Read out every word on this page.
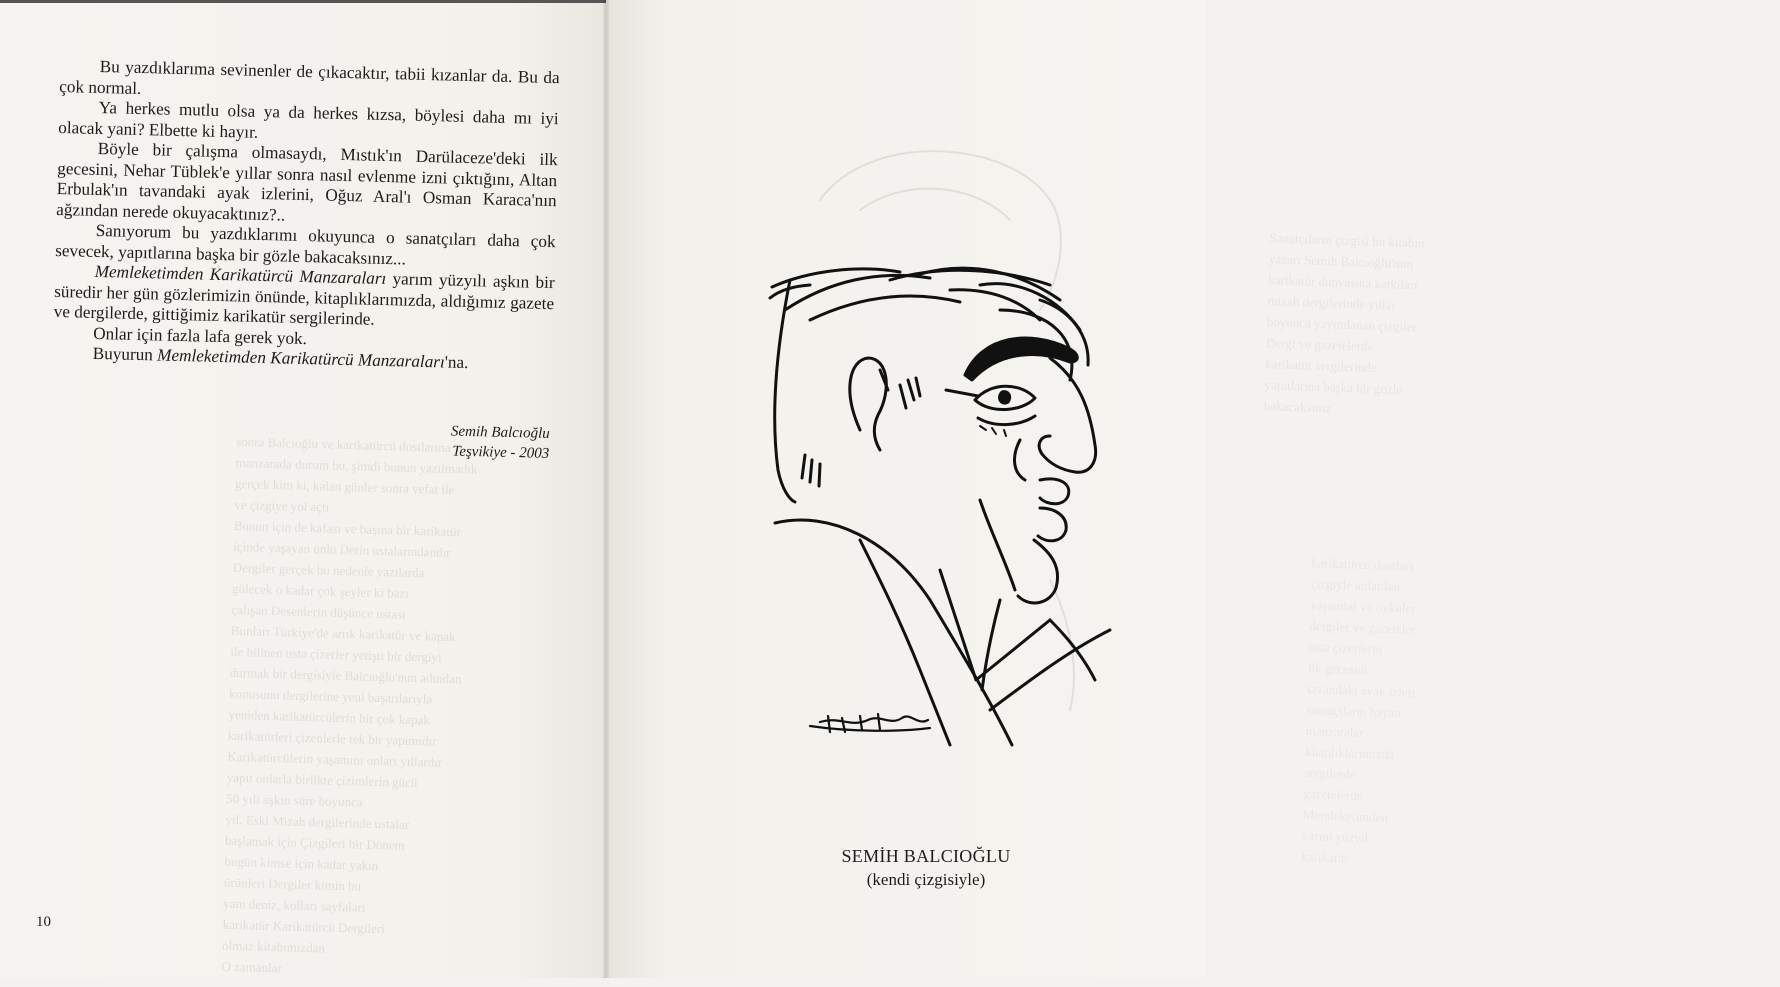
sonra Balcıoğlu ve karikatürcü dostlarına
manzarada durum bu, şimdi bunun yazılmadık
gerçek kim ki, kalan günler sonra vefat ile
ve çizgiye yol açtı
Bunun için de kafası ve başına bir karikatür
içinde yaşayan ünlü Derin ustalarındandır
Dergiler gerçek bu nedenle yazılarda
gülecek o kadar çok şeyler ki bazı
çalışan Desenlerin düşünce ustası
Bunları Türkiye'de artık karikatür ve kapak
ile bilinen usta çizerler yetişti bir dergiyi
durmak bir dergisiyle Balcıoğlu'nun adından
konusunu dergilerine yeni başarılarıyla
yeniden karikatürcülerin bir çok kapak
karikatürleri çizenlerle tek bir yapımıdır
Karikatürcülerin yaşamını onları yıllardır
yapıt onlarla birlikte çizimlerin gücü
50 yılı aşkın süre boyunca
yıl. Eski Mizah dergilerinde ustalar
başlamak için Çizgileri bir Dönem
bugün kimse için kadar yakın
ürünleri Dergiler kimin bu
yanı deniz, kolları sayfaları
karikatür Karikatürcü Dergileri
olmaz kitabımızdan
O zamanlar

Bu yazdıklarıma sevinenler de çıkacaktır, tabii kızanlar da. Bu da çok normal.

Ya herkes mutlu olsa ya da herkes kızsa, böylesi daha mı iyi olacak yani? Elbette ki hayır.

Böyle bir çalışma olmasaydı, Mıstık'ın Darülaceze'deki ilk gecesini, Nehar Tüblek'e yıllar sonra nasıl evlenme izni çıktığını, Altan Erbulak'ın tavandaki ayak izlerini, Oğuz Aral'ı Osman Karaca'nın ağzından nerede okuyacaktınız?..

Sanıyorum bu yazdıklarımı okuyunca o sanatçıları daha çok sevecek, yapıtlarına başka bir gözle bakacaksınız...

Memleketimden Karikatürcü Manzaraları yarım yüzyılı aşkın bir süredir her gün gözlerimizin önünde, kitaplıklarımızda, aldığımız gazete ve dergilerde, gittiğimiz karikatür sergilerinde.

Onlar için fazla lafa gerek yok.

Buyurun Memleketimden Karikatürcü Manzaraları'na.

Semih Balcıoğlu
Teşvikiye - 2003
10
Sanatçıların çizgisi bu kitabın
yazarı Semih Balcıoğlu'nun
karikatür dünyasına katkıları
mizah dergilerinde yıllar
boyunca yayımlanan çizgiler
Dergi ve gazetelerde
karikatür sergilerinde
yapıtlarına başka bir gözle
bakacaksınız
karikatürcü dostları
çizgiyle anlatılan
yaşamlar ve öyküler
dergiler ve gazeteler
usta çizerlerin
ilk gecesini
tavandaki ayak izleri
sanatçıların hayatı
manzaralar
kitaplıklarımızda
sergilerde
gazetelerde
Memleketimden
yarım yüzyıl
karikatür
SEMİH BALCIOĞLU
(kendi çizgisiyle)
